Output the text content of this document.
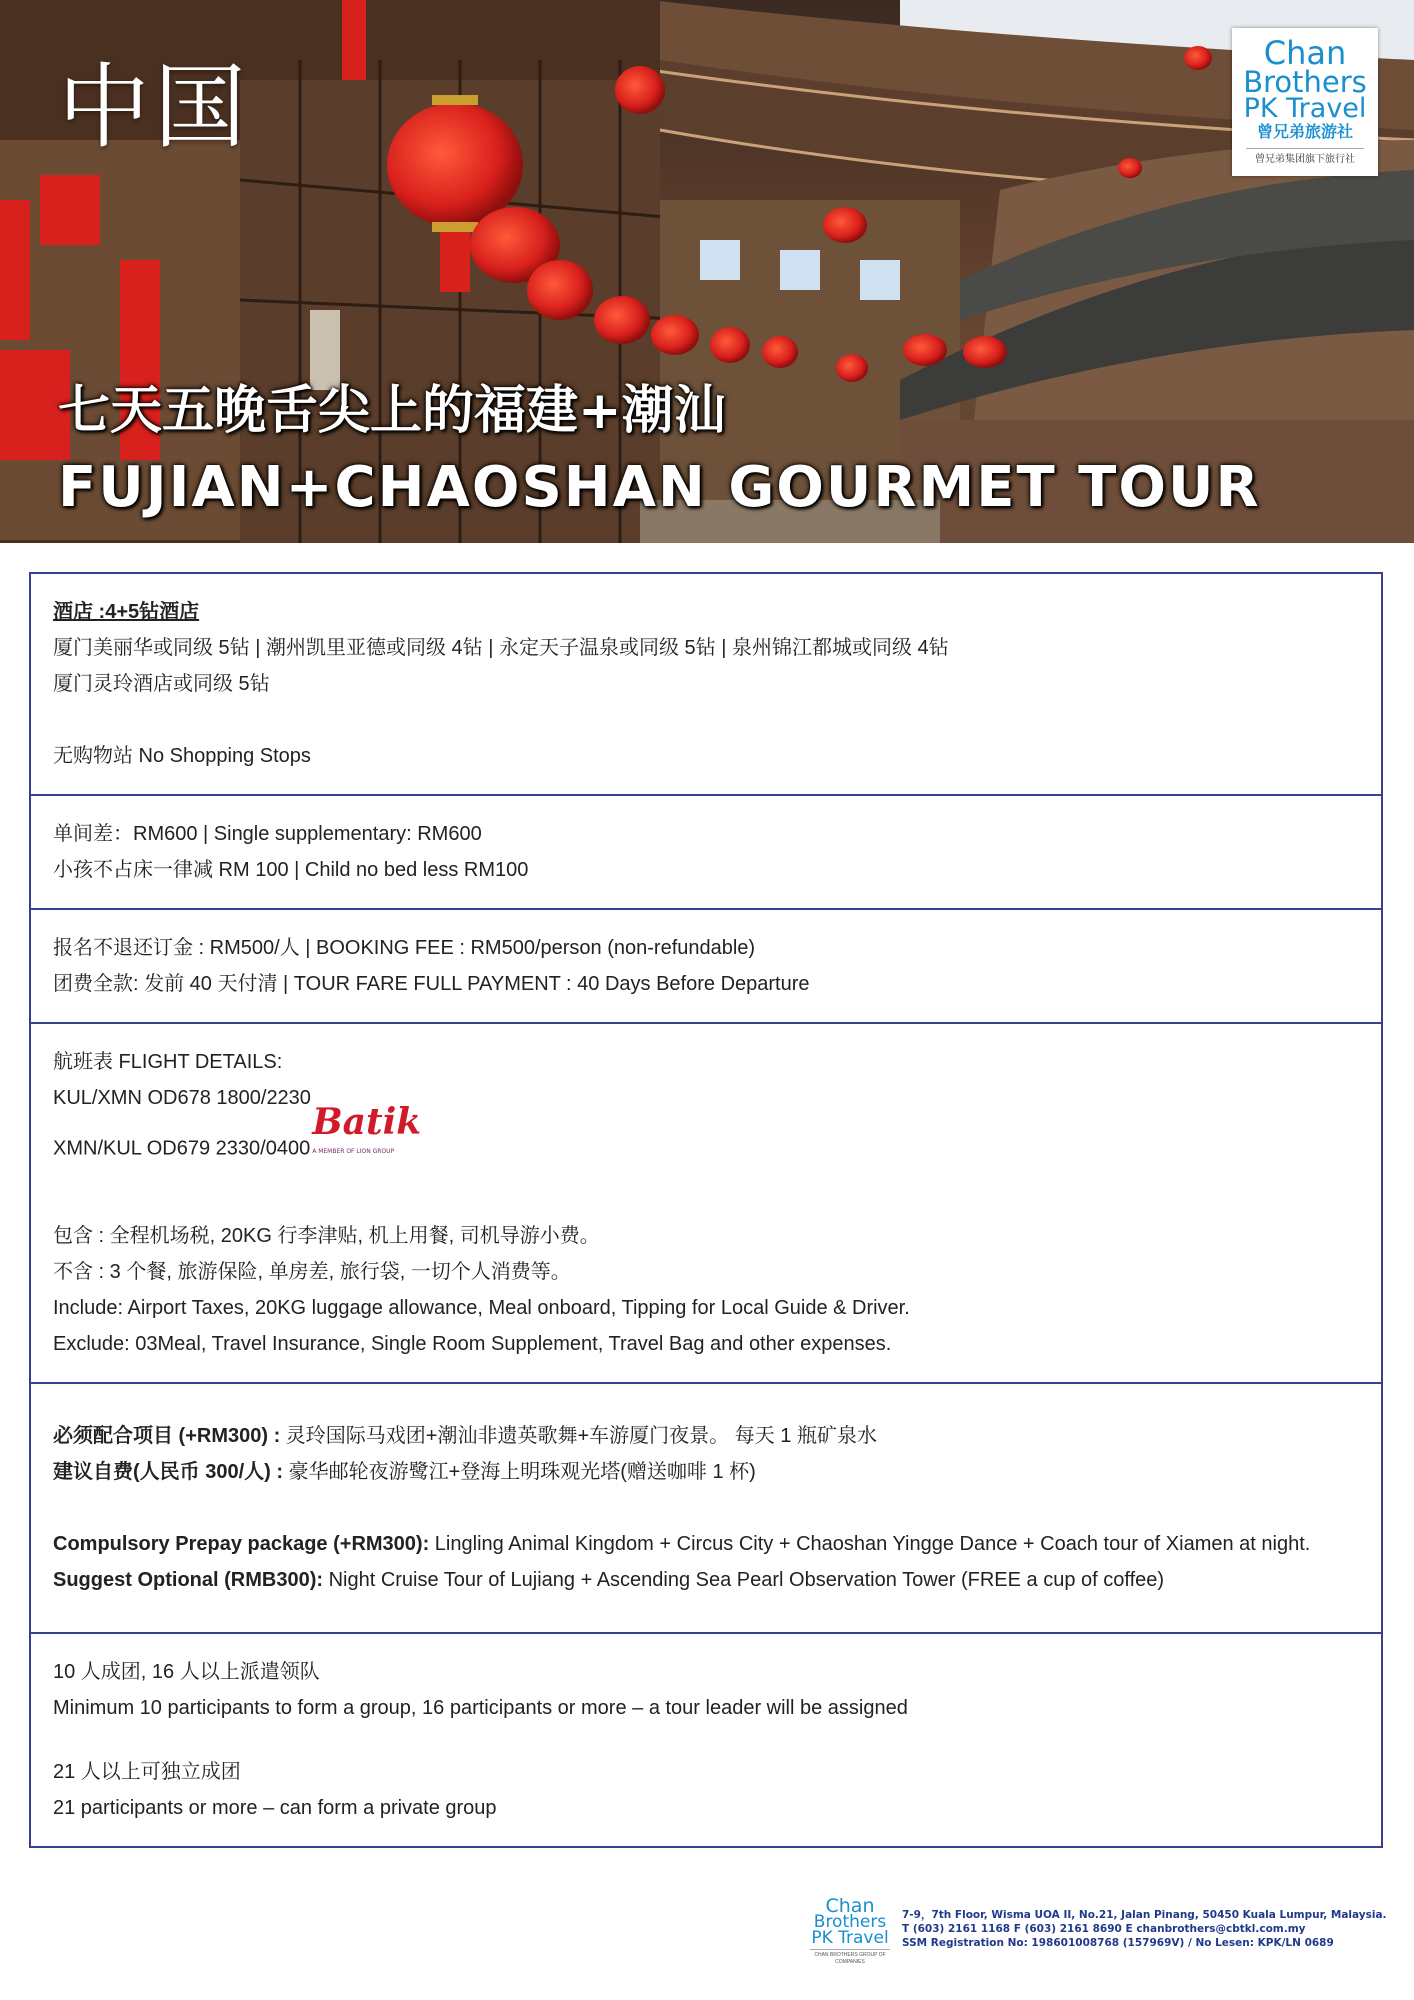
中国
七天五晚舌尖上的福建+潮汕
FUJIAN+CHAOSHAN GOURMET TOUR
Chan
Brothers
PK Travel
曾兄弟旅游社
曾兄弟集团旗下旅行社
酒店 :4+5钻酒店
厦门美丽华或同级 5钻 | 潮州凯里亚德或同级 4钻 | 永定天子温泉或同级 5钻 | 泉州锦江都城或同级 4钻
厦门灵玲酒店或同级 5钻
无购物站 No Shopping Stops
单间差：RM600 | Single supplementary: RM600
小孩不占床一律减 RM 100 | Child no bed less RM100
报名不退还订金 : RM500/人 | BOOKING FEE : RM500/person (non-refundable)
团费全款: 发前 40 天付清 | TOUR FARE FULL PAYMENT : 40 Days Before Departure
航班表 FLIGHT DETAILS:
KUL/XMN OD678 1800/2230
XMN/KUL OD679 2330/0400Batik
A MEMBER OF LION GROUP
包含 : 全程机场税, 20KG 行李津贴, 机上用餐, 司机导游小费。
不含 : 3 个餐, 旅游保险, 单房差, 旅行袋, 一切个人消费等。
Include: Airport Taxes, 20KG luggage allowance, Meal onboard, Tipping for Local Guide & Driver.
Exclude: 03Meal, Travel Insurance, Single Room Supplement, Travel Bag and other expenses.
必须配合项目 (+RM300) : 灵玲国际马戏团+潮汕非遗英歌舞+车游厦门夜景。 每天 1 瓶矿泉水
建议自费(人民币 300/人) : 豪华邮轮夜游鹭江+登海上明珠观光塔(赠送咖啡 1 杯)
Compulsory Prepay package (+RM300): Lingling Animal Kingdom + Circus City + Chaoshan Yingge Dance + Coach tour of Xiamen at night.
Suggest Optional (RMB300): Night Cruise Tour of Lujiang + Ascending Sea Pearl Observation Tower (FREE a cup of coffee)
10 人成团, 16 人以上派遣领队
Minimum 10 participants to form a group, 16 participants or more – a tour leader will be assigned
21 人以上可独立成团
21 participants or more – can form a private group
Chan
Brothers
PK Travel
CHAN BROTHERS GROUP OF COMPANIES
7-9，7th Floor, Wisma UOA II, No.21, Jalan Pinang, 50450 Kuala Lumpur, Malaysia.
T (603) 2161 1168 F (603) 2161 8690 E chanbrothers@cbtkl.com.my
SSM Registration No: 198601008768 (157969V) / No Lesen: KPK/LN 0689
